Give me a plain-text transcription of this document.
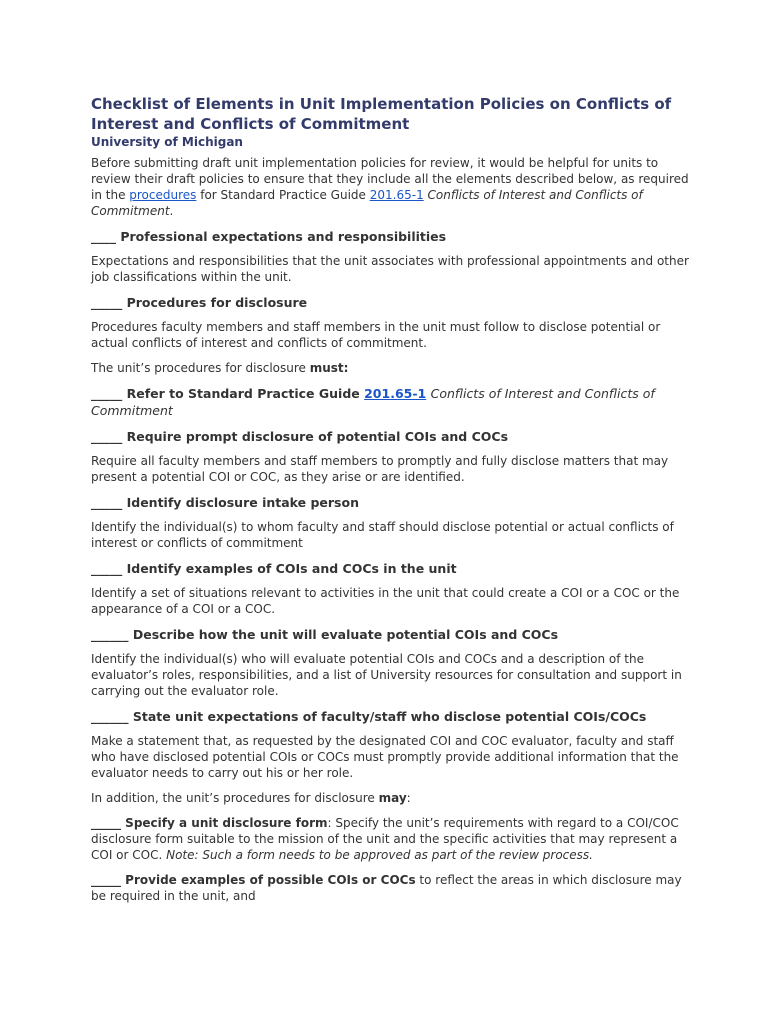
Checklist of Elements in Unit Implementation Policies on Conflicts of Interest and Conflicts of Commitment
University of Michigan

Before submitting draft unit implementation policies for review, it would be helpful for units to review their draft policies to ensure that they include all the elements described below, as required in the procedures for Standard Practice Guide 201.65-1 Conflicts of Interest and Conflicts of Commitment.

____ Professional expectations and responsibilities

Expectations and responsibilities that the unit associates with professional appointments and other job classifications within the unit.

_____ Procedures for disclosure

Procedures faculty members and staff members in the unit must follow to disclose potential or actual conflicts of interest and conflicts of commitment.

The unit’s procedures for disclosure must:

_____ Refer to Standard Practice Guide 201.65-1 Conflicts of Interest and Conflicts of Commitment

_____ Require prompt disclosure of potential COIs and COCs

Require all faculty members and staff members to promptly and fully disclose matters that may present a potential COI or COC, as they arise or are identified.

_____ Identify disclosure intake person

Identify the individual(s) to whom faculty and staff should disclose potential or actual conflicts of interest or conflicts of commitment

_____ Identify examples of COIs and COCs in the unit

Identify a set of situations relevant to activities in the unit that could create a COI or a COC or the appearance of a COI or a COC.

______ Describe how the unit will evaluate potential COIs and COCs

Identify the individual(s) who will evaluate potential COIs and COCs and a description of the evaluator’s roles, responsibilities, and a list of University resources for consultation and support in carrying out the evaluator role.

______ State unit expectations of faculty/staff who disclose potential COIs/COCs

Make a statement that, as requested by the designated COI and COC evaluator, faculty and staff who have disclosed potential COIs or COCs must promptly provide additional information that the evaluator needs to carry out his or her role.

In addition, the unit’s procedures for disclosure may:

_____ Specify a unit disclosure form: Specify the unit’s requirements with regard to a COI/COC disclosure form suitable to the mission of the unit and the specific activities that may represent a COI or COC. Note: Such a form needs to be approved as part of the review process.

_____ Provide examples of possible COIs or COCs to reflect the areas in which disclosure may be required in the unit, and
